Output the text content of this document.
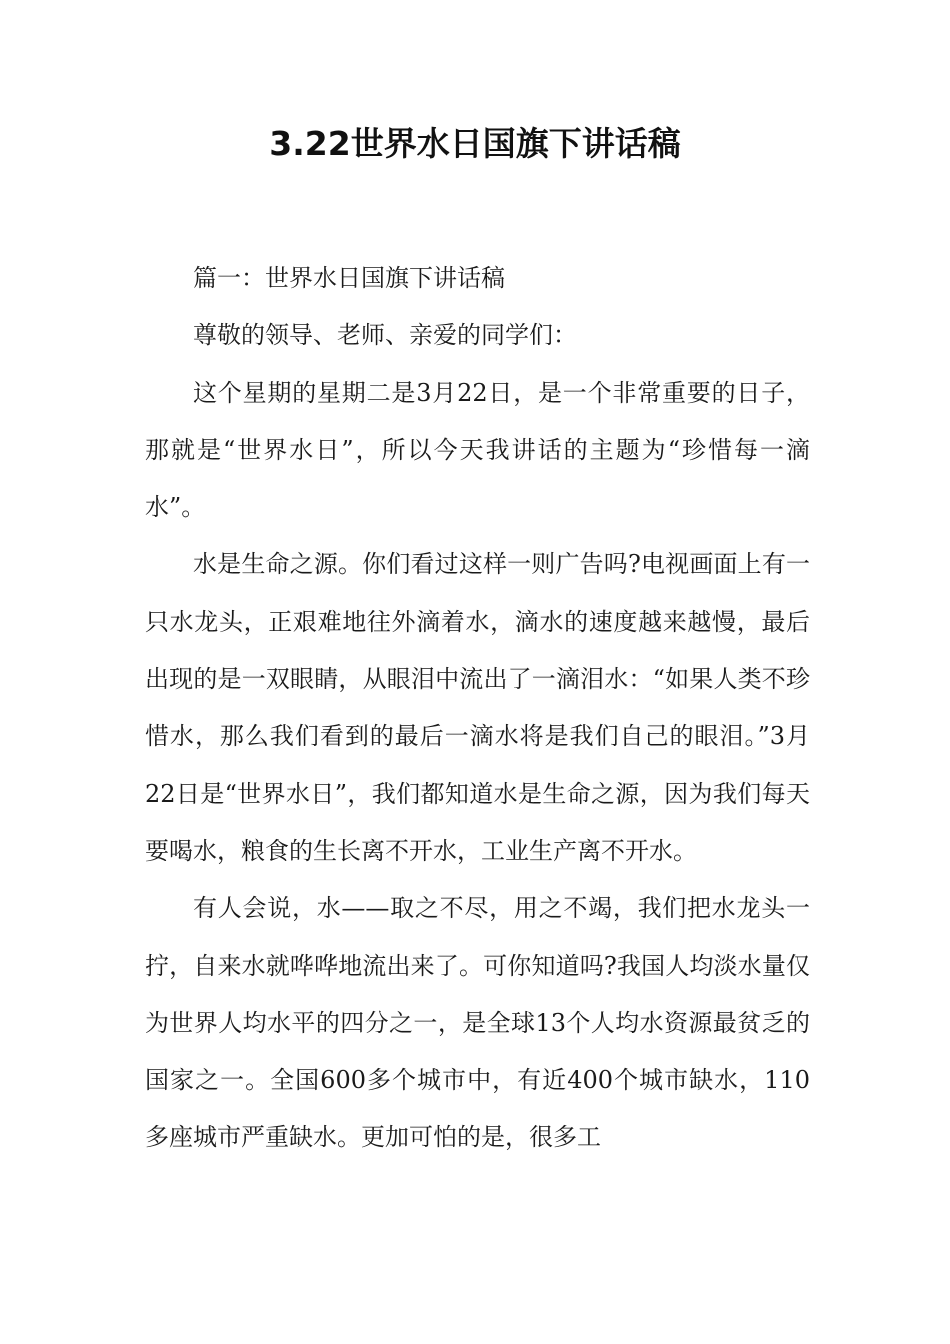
3.22世界水日国旗下讲话稿

篇一：世界水日国旗下讲话稿

尊敬的领导、老师、亲爱的同学们：

这个星期的星期二是3月22日，是一个非常重要的日子，那就是“世界水日”，所以今天我讲话的主题为“珍惜每一滴水”。

水是生命之源。你们看过这样一则广告吗?电视画面上有一只水龙头，正艰难地往外滴着水，滴水的速度越来越慢，最后出现的是一双眼睛，从眼泪中流出了一滴泪水：“如果人类不珍惜水，那么我们看到的最后一滴水将是我们自己的眼泪。”3月22日是“世界水日”，我们都知道水是生命之源，因为我们每天要喝水，粮食的生长离不开水，工业生产离不开水。

有人会说，水——取之不尽，用之不竭，我们把水龙头一拧，自来水就哗哗地流出来了。可你知道吗?我国人均淡水量仅为世界人均水平的四分之一，是全球13个人均水资源最贫乏的国家之一。全国600多个城市中，有近400个城市缺水，110多座城市严重缺水。更加可怕的是，很多工
